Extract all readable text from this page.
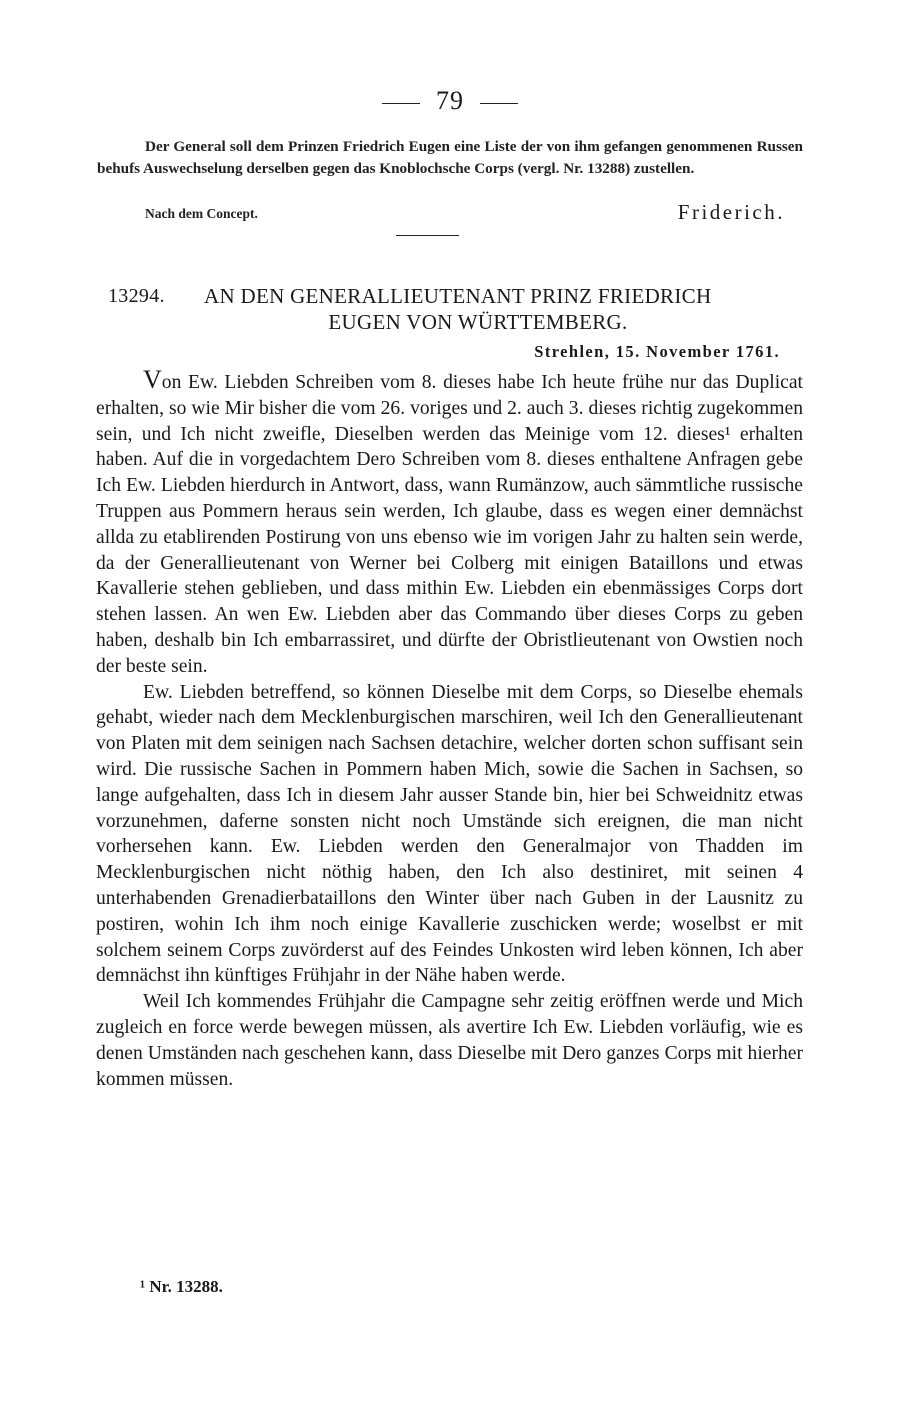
79
Der General soll dem Prinzen Friedrich Eugen eine Liste der von ihm gefangen genommenen Russen behufs Auswechselung derselben gegen das Knoblochsche Corps (vergl. Nr. 13288) zustellen.
Nach dem Concept.	Friderich.
13294. AN DEN GENERALLIEUTENANT PRINZ FRIEDRICH
EUGEN VON WÜRTTEMBERG.
Strehlen, 15. November 1761.

Von Ew. Liebden Schreiben vom 8. dieses habe Ich heute frühe nur das Duplicat erhalten, so wie Mir bisher die vom 26. voriges und 2. auch 3. dieses richtig zugekommen sein, und Ich nicht zweifle, Dieselben werden das Meinige vom 12. dieses¹ erhalten haben. Auf die in vorgedachtem Dero Schreiben vom 8. dieses enthaltene Anfragen gebe Ich Ew. Liebden hierdurch in Antwort, dass, wann Rumänzow, auch sämmtliche russische Truppen aus Pommern heraus sein werden, Ich glaube, dass es wegen einer demnächst allda zu etablirenden Postirung von uns ebenso wie im vorigen Jahr zu halten sein werde, da der Generallieutenant von Werner bei Colberg mit einigen Bataillons und etwas Kavallerie stehen geblieben, und dass mithin Ew. Liebden ein ebenmässiges Corps dort stehen lassen. An wen Ew. Liebden aber das Commando über dieses Corps zu geben haben, deshalb bin Ich embarrassiret, und dürfte der Obristlieutenant von Owstien noch der beste sein.

Ew. Liebden betreffend, so können Dieselbe mit dem Corps, so Dieselbe ehemals gehabt, wieder nach dem Mecklenburgischen marschiren, weil Ich den Generallieutenant von Platen mit dem seinigen nach Sachsen detachire, welcher dorten schon suffisant sein wird. Die russische Sachen in Pommern haben Mich, sowie die Sachen in Sachsen, so lange aufgehalten, dass Ich in diesem Jahr ausser Stande bin, hier bei Schweidnitz etwas vorzunehmen, daferne sonsten nicht noch Umstände sich ereignen, die man nicht vorhersehen kann. Ew. Liebden werden den Generalmajor von Thadden im Mecklenburgischen nicht nöthig haben, den Ich also destiniret, mit seinen 4 unterhabenden Grenadierbataillons den Winter über nach Guben in der Lausnitz zu postiren, wohin Ich ihm noch einige Kavallerie zuschicken werde; woselbst er mit solchem seinem Corps zuvörderst auf des Feindes Unkosten wird leben können, Ich aber demnächst ihn künftiges Frühjahr in der Nähe haben werde.

Weil Ich kommendes Frühjahr die Campagne sehr zeitig eröffnen werde und Mich zugleich en force werde bewegen müssen, als avertire Ich Ew. Liebden vorläufig, wie es denen Umständen nach geschehen kann, dass Dieselbe mit Dero ganzes Corps mit hierher kommen müssen.

¹ Nr. 13288.
